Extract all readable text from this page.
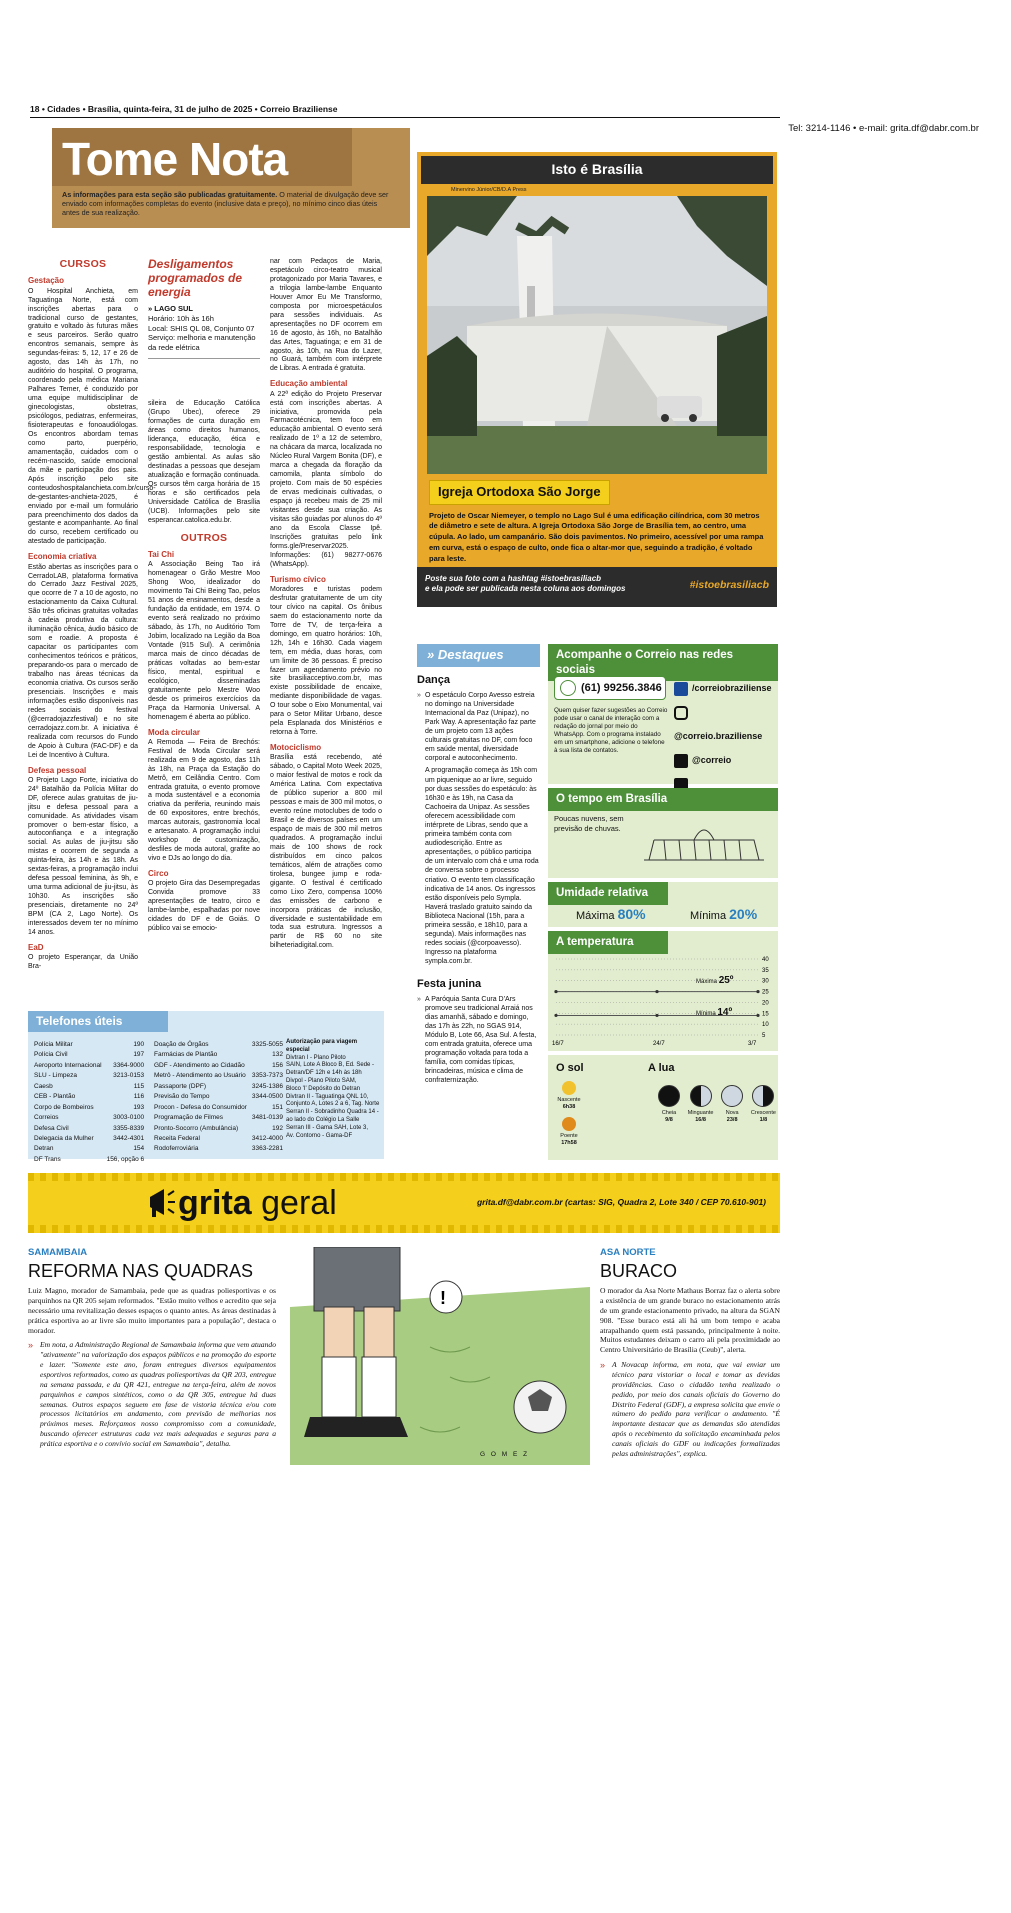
18 • Cidades • Brasília, quinta-feira, 31 de julho de 2025 • Correio Braziliense
Tel: 3214-1146 • e-mail: grita.df@dabr.com.br
Tome Nota
As informações para esta seção são publicadas gratuitamente. O material de divulgação deve ser enviado com informações completas do evento (inclusive data e preço), no mínimo cinco dias úteis antes de sua realização.
CURSOS
Gestação

O Hospital Anchieta, em Taguatinga Norte, está com inscrições abertas para o tradicional curso de gestantes, gratuito e voltado às futuras mães e seus parceiros. Serão quatro encontros semanais, sempre às segundas-feiras: 5, 12, 17 e 26 de agosto, das 14h às 17h, no auditório do hospital. O programa, coordenado pela médica Mariana Palhares Temer, é conduzido por uma equipe multidisciplinar de ginecologistas, obstetras, psicólogos, pediatras, enfermeiras, fisioterapeutas e fonoaudiólogas. Os encontros abordam temas como parto, puerpério, amamentação, cuidados com o recém-nascido, saúde emocional da mãe e participação dos pais. Após inscrição pelo site conteudoshospitalanchieta.com.br/curso-de-gestantes-anchieta-2025, é enviado por e-mail um formulário para preenchimento dos dados da gestante e acompanhante. Ao final do curso, recebem certificado ou atestado de participação.

Economia criativa

Estão abertas as inscrições para o CerradoLAB, plataforma formativa do Cerrado Jazz Festival 2025, que ocorre de 7 a 10 de agosto, no estacionamento da Caixa Cultural. São três oficinas gratuitas voltadas à cadeia produtiva da cultura: iluminação cênica, áudio básico de som e roadie. A proposta é capacitar os participantes com conhecimentos teóricos e práticos, preparando-os para o mercado de trabalho nas áreas técnicas da economia criativa. Os cursos serão presenciais. Inscrições e mais informações estão disponíveis nas redes sociais do festival (@cerradojazzfestival) e no site cerradojazz.com.br. A iniciativa é realizada com recursos do Fundo de Apoio à Cultura (FAC-DF) e da Lei de Incentivo à Cultura.

Defesa pessoal

O Projeto Lago Forte, iniciativa do 24º Batalhão da Polícia Militar do DF, oferece aulas gratuitas de jiu-jitsu e defesa pessoal para a comunidade. As atividades visam promover o bem-estar físico, a autoconfiança e a integração social. As aulas de jiu-jitsu são mistas e ocorrem de segunda a quinta-feira, às 14h e às 18h. As sextas-feiras, a programação inclui defesa pessoal feminina, às 9h, e uma turma adicional de jiu-jitsu, às 10h30. As inscrições são presenciais, diretamente no 24º BPM (CA 2, Lago Norte). Os interessados devem ter no mínimo 14 anos.

EaD

O projeto Esperançar, da União Bra-

Desligamentos programados de energia
» LAGO SUL
Horário: 10h às 16h
Local: SHIS QL 08, Conjunto 07
Serviço: melhoria e manutenção da rede elétrica

sileira de Educação Católica (Grupo Ubec), oferece 29 formações de curta duração em áreas como direitos humanos, liderança, educação, ética e responsabilidade, tecnologia e gestão ambiental. As aulas são destinadas a pessoas que desejam atualização e formação continuada. Os cursos têm carga horária de 15 horas e são certificados pela Universidade Católica de Brasília (UCB). Informações pelo site esperancar.catolica.edu.br.

OUTROS
Tai Chi

A Associação Being Tao irá homenagear o Grão Mestre Moo Shong Woo, idealizador do movimento Tai Chi Being Tao, pelos 51 anos de ensinamentos, desde a fundação da entidade, em 1974. O evento será realizado no próximo sábado, às 17h, no Auditório Tom Jobim, localizado na Legião da Boa Vontade (915 Sul). A cerimônia marca mais de cinco décadas de práticas voltadas ao bem-estar físico, mental, espiritual e ecológico, disseminadas gratuitamente pelo Mestre Woo desde os primeiros exercícios da Praça da Harmonia Universal. A homenagem é aberta ao público.

Moda circular

A Remoda — Feira de Brechós: Festival de Moda Circular será realizada em 9 de agosto, das 11h às 18h, na Praça da Estação do Metrô, em Ceilândia Centro. Com entrada gratuita, o evento promove a moda sustentável e a economia criativa da periferia, reunindo mais de 60 expositores, entre brechós, marcas autorais, gastronomia local e artesanato. A programação inclui workshop de customização, desfiles de moda autoral, grafite ao vivo e DJs ao longo do dia.

Circo

O projeto Gira das Desempregadas Convida promove 33 apresentações de teatro, circo e lambe-lambe, espalhadas por nove cidades do DF e de Goiás. O público vai se emocio-

nar com Pedaços de Maria, espetáculo circo-teatro musical protagonizado por Maria Tavares, e a trilogia lambe-lambe Enquanto Houver Amor Eu Me Transformo, composta por microespetáculos para sessões individuais. As apresentações no DF ocorrem em 16 de agosto, às 16h, no Batalhão das Artes, Taguatinga; e em 31 de agosto, às 10h, na Rua do Lazer, no Guará, também com intérprete de Libras. A entrada é gratuita.

Educação ambiental

A 22ª edição do Projeto Preservar está com inscrições abertas. A iniciativa, promovida pela Farmacotécnica, tem foco em educação ambiental. O evento será realizado de 1º a 12 de setembro, na chácara da marca, localizada no Núcleo Rural Vargem Bonita (DF), e marca a chegada da floração da camomila, planta símbolo do projeto. Com mais de 50 espécies de ervas medicinais cultivadas, o espaço já recebeu mais de 25 mil visitantes desde sua criação. As visitas são guiadas por alunos do 4º ano da Escola Classe Ipê. Inscrições gratuitas pelo link forms.gle/Preservar2025. Informações: (61) 98277-0676 (WhatsApp).

Turismo cívico

Moradores e turistas podem desfrutar gratuitamente de um city tour cívico na capital. Os ônibus saem do estacionamento norte da Torre de TV, de terça-feira a domingo, em quatro horários: 10h, 12h, 14h e 16h30. Cada viagem tem, em média, duas horas, com um limite de 36 pessoas. É preciso fazer um agendamento prévio no site brasiliacceptivo.com.br, mas existe possibilidade de encaixe, mediante disponibilidade de vagas. O tour sobe o Eixo Monumental, vai para o Setor Militar Urbano, desce pela Esplanada dos Ministérios e retorna à Torre.

Motociclismo

Brasília está recebendo, até sábado, o Capital Moto Week 2025, o maior festival de motos e rock da América Latina. Com expectativa de público superior a 800 mil pessoas e mais de 300 mil motos, o evento reúne motoclubes de todo o Brasil e de diversos países em um espaço de mais de 300 mil metros quadrados. A programação inclui mais de 100 shows de rock distribuídos em cinco palcos temáticos, além de atrações como tirolesa, bungee jump e roda-gigante. O festival é certificado como Lixo Zero, compensa 100% das emissões de carbono e incorpora práticas de inclusão, diversidade e sustentabilidade em toda sua estrutura. Ingressos a partir de R$ 60 no site bilheteriadigital.com.

Telefones úteis
Polícia Militar	190
Polícia Civil	197
Aeroporto Internacional	3364-9000
SLU - Limpeza	3213-0153
Caesb	115
CEB - Plantão	116
Corpo de Bombeiros	193
Correios	3003-0100
Defesa Civil	3355-8339
Delegacia da Mulher	3442-4301
Detran	154
DF Trans	156, opção 6
Doação de Órgãos	3325-5055
Farmácias de Plantão	132
GDF - Atendimento ao Cidadão	156
Metrô - Atendimento ao Usuário	3353-7373
Passaporte (DPF)	3245-1386
Previsão do Tempo	3344-0500
Procon - Defesa do Consumidor	151
Programação de Filmes	3481-0139
Pronto-Socorro (Ambulância)	192
Receita Federal	3412-4000
Rodoferroviária	3363-2281
Autorização para viagem especial
Divtran I - Plano Piloto
SAIN, Lote A Bloco B, Ed. Sede - Detran/DF 12h e 14h às 18h
Divpol - Plano Piloto SAM,
Bloco 'I' Depósito do Detran
Divtran II - Taguatinga QNL 10,
Conjunto A, Lotes 2 a 6, Tag. Norte
Serran II - Sobradinho Quadra 14 - ao lado do Colégio La Salle
Serran III - Gama SAH, Lote 3,
Av. Contorno - Gama-DF
Isto é Brasília
Minervino Júnior/CB/D.A Press
Igreja Ortodoxa São Jorge
Projeto de Oscar Niemeyer, o templo no Lago Sul é uma edificação cilíndrica, com 30 metros de diâmetro e sete de altura. A Igreja Ortodoxa São Jorge de Brasília tem, ao centro, uma cúpula. Ao lado, um campanário. São dois pavimentos. No primeiro, acessível por uma rampa em curva, está o espaço de culto, onde fica o altar-mor que, seguindo a tradição, é voltado para leste.
Poste sua foto com a hashtag #istoebrasiliacb
e ela pode ser publicada nesta coluna aos domingos	#istoebrasiliacb
» Destaques
Dança
» O espetáculo Corpo Avesso estreia no domingo na Universidade Internacional da Paz (Unipaz), no Park Way. A apresentação faz parte de um projeto com 13 ações culturais gratuitas no DF, com foco em saúde mental, diversidade corporal e autoconhecimento.

A programação começa às 15h com um piquenique ao ar livre, seguido por duas sessões do espetáculo: às 16h30 e às 19h, na Casa da Cachoeira da Unipaz. As sessões oferecem acessibilidade com intérprete de Libras, sendo que a primeira também conta com audiodescrição. Entre as apresentações, o público participa de um intervalo com chá e uma roda de conversa sobre o processo criativo. O evento tem classificação indicativa de 14 anos. Os ingressos estão disponíveis pelo Sympla. Haverá traslado gratuito saindo da Biblioteca Nacional (15h, para a primeira sessão, e 18h10, para a segunda). Mais informações nas redes sociais (@corpoavesso). Ingresso na plataforma sympla.com.br.

Festa junina
» A Paróquia Santa Cura D'Ars promove seu tradicional Arraiá nos dias amanhã, sábado e domingo, das 17h às 22h, no SGAS 914, Módulo B, Lote 66, Asa Sul. A festa, com entrada gratuita, oferece uma programação voltada para toda a família, com comidas típicas, brincadeiras, música e clima de confraternização.

Acompanhe o Correio nas redes sociais
(61) 99256.3846
Quem quiser fazer sugestões ao Correio pode usar o canal de interação com a redação do jornal por meio do WhatsApp. Com o programa instalado em um smartphone, adicione o telefone à sua lista de contatos.
/correiobraziliense
@correio.braziliense
@correio
O tempo em Brasília
Poucas nuvens, sem previsão de chuvas.
Umidade relativa
Máxima 80%	Mínima 20%
A temperatura
40
35
30
25
20
15
10
5
16/7	24/7	3/7
Máxima 25º
Mínima 14º
O sol
Nascente
6h38
Poente
17h58
A lua
Cheia
9/8
Minguante
16/8
Nova
23/8
Crescente
1/8
grita geral	grita.df@dabr.com.br (cartas: SIG, Quadra 2, Lote 340 / CEP 70.610-901)
SAMAMBAIA
REFORMA NAS QUADRAS

Luiz Magno, morador de Samambaia, pede que as quadras poliesportivas e os parquinhos na QR 205 sejam reformados. "Estão muito velhos e acredito que seja necessário uma revitalização desses espaços o quanto antes. As áreas destinadas à prática esportiva ao ar livre são muito importantes para a população", destaca o morador.

» Em nota, a Administração Regional de Samambaia informa que vem atuando "ativamente" na valorização dos espaços públicos e na promoção do esporte e lazer. "Somente este ano, foram entregues diversos equipamentos esportivos reformados, como as quadras poliesportivas da QR 203, entregue na semana passada, e da QR 421, entregue na terça-feira, além de novos parquinhos e campos sintéticos, como o da QR 305, entregue há duas semanas. Outros espaços seguem em fase de vistoria técnica e/ou com processos licitatórios em andamento, com previsão de melhorias nos próximos meses. Reforçamos nosso compromisso com a comunidade, buscando oferecer estruturas cada vez mais adequadas e seguras para a prática esportiva e o convívio social em Samambaia", detalha.

!
G O M E Z
ASA NORTE
BURACO

O morador da Asa Norte Mathaus Borraz faz o alerta sobre a existência de um grande buraco no estacionamento atrás de um grande estacionamento privado, na altura da SGAN 908. "Esse buraco está ali há um bom tempo e acaba atrapalhando quem está passando, principalmente à noite. Muitos estudantes deixam o carro ali pela proximidade ao Centro Universitário de Brasília (Ceub)", alerta.

» A Novacap informa, em nota, que vai enviar um técnico para vistoriar o local e tomar as devidas providências. Caso o cidadão tenha realizado o pedido, por meio dos canais oficiais do Governo do Distrito Federal (GDF), a empresa solicita que envie o número do pedido para verificar o andamento. "É importante destacar que as demandas são atendidas após o recebimento da solicitação encaminhada pelos canais oficiais do GDF ou indicações formalizadas pelas administrações", explica.
